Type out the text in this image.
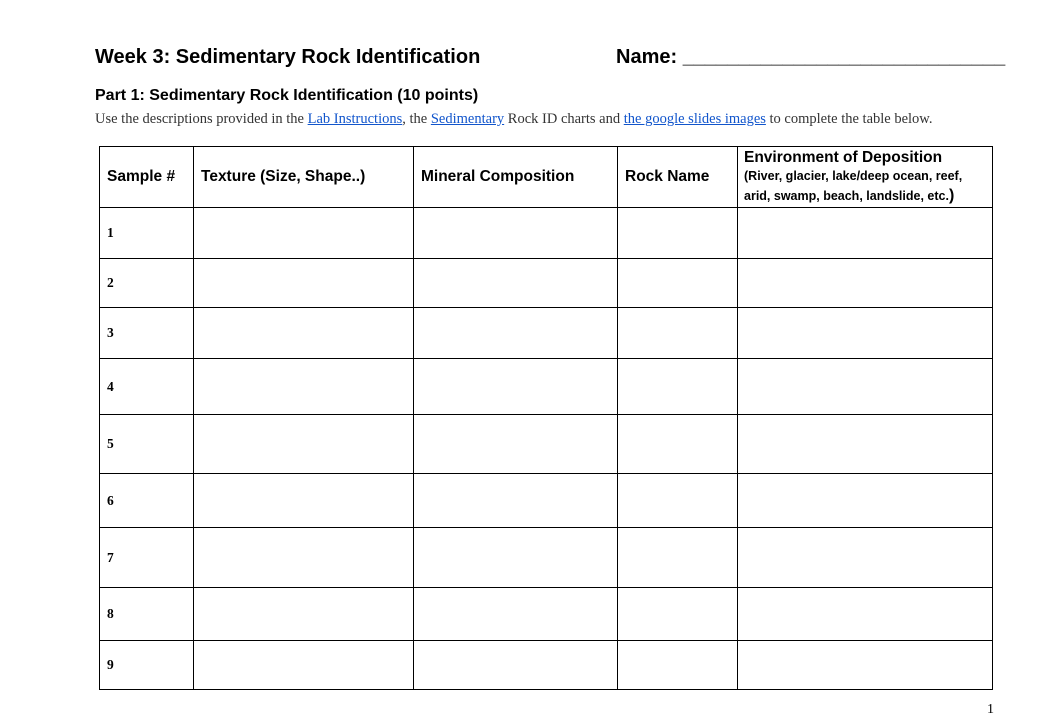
Week 3: Sedimentary Rock Identification	Name: _____________________________
Part 1: Sedimentary Rock Identification (10 points)
Use the descriptions provided in the Lab Instructions, the Sedimentary Rock ID charts and the google slides images to complete the table below.
Sample #	Texture (Size, Shape..)	Mineral Composition	Rock Name	Environment of Deposition
(River, glacier, lake/deep ocean, reef, arid, swamp, beach, landslide, etc.)

1				
2				
3				
4				
5				
6				
7				
8				
9				
1
